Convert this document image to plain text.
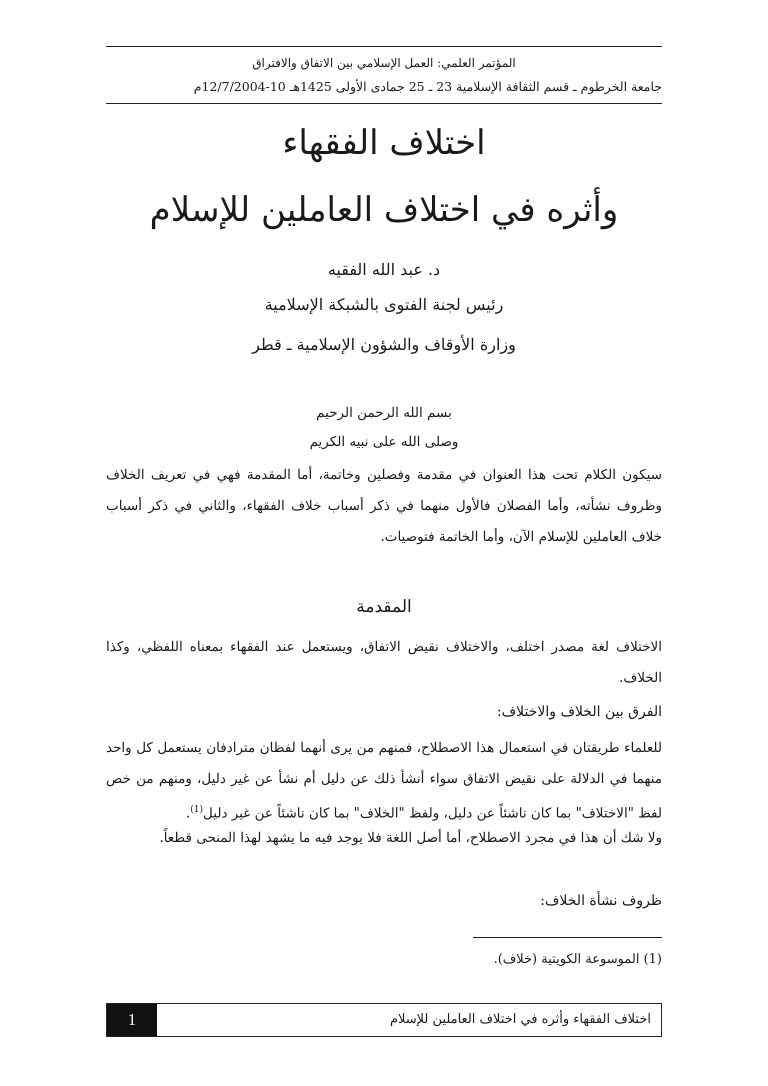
المؤتمر العلمي: العمل الإسلامي بين الاتفاق والافتراق
جامعة الخرطوم ـ قسم الثقافة الإسلامية 23 ـ 25 جمادى الأولى 1425هـ 10-12/7/2004م
اختلاف الفقهاء
وأثره في اختلاف العاملين للإسلام
د. عبد الله الفقيه
رئيس لجنة الفتوى بالشبكة الإسلامية
وزارة الأوقاف والشؤون الإسلامية ـ قطر
بسم الله الرحمن الرحيم
وصلى الله على نبيه الكريم
سيكون الكلام تحت هذا العنوان في مقدمة وفصلين وخاتمة، أما المقدمة فهي في تعريف الخلاف وظروف نشأته، وأما الفصلان فالأول منهما في ذكر أسباب خلاف الفقهاء، والثاني في ذكر أسباب خلاف العاملين للإسلام الآن، وأما الخاتمة فتوصيات.
المقدمة
الاختلاف لغة مصدر اختلف، والاختلاف نقيض الاتفاق، ويستعمل عند الفقهاء بمعناه اللفظي، وكذا الخلاف.
الفرق بين الخلاف والاختلاف:
للعلماء طريقتان في استعمال هذا الاصطلاح، فمنهم من يرى أنهما لفظان مترادفان يستعمل كل واحد منهما في الدلالة على نقيض الاتفاق سواء أنشأ ذلك عن دليل أم نشأ عن غير دليل، ومنهم من خص لفظ "الاختلاف" بما كان ناشئاً عن دليل، ولفظ "الخلاف" بما كان ناشئاً عن غير دليل$^{(1)}$.
ولا شك أن هذا في مجرد الاصطلاح، أما أصل اللغة فلا يوجد فيه ما يشهد لهذا المنحى قطعاً.
ظروف نشأة الخلاف:
(1) الموسوعة الكويتية (خلاف).
1	اختلاف الفقهاء وأثره في اختلاف العاملين للإسلام
